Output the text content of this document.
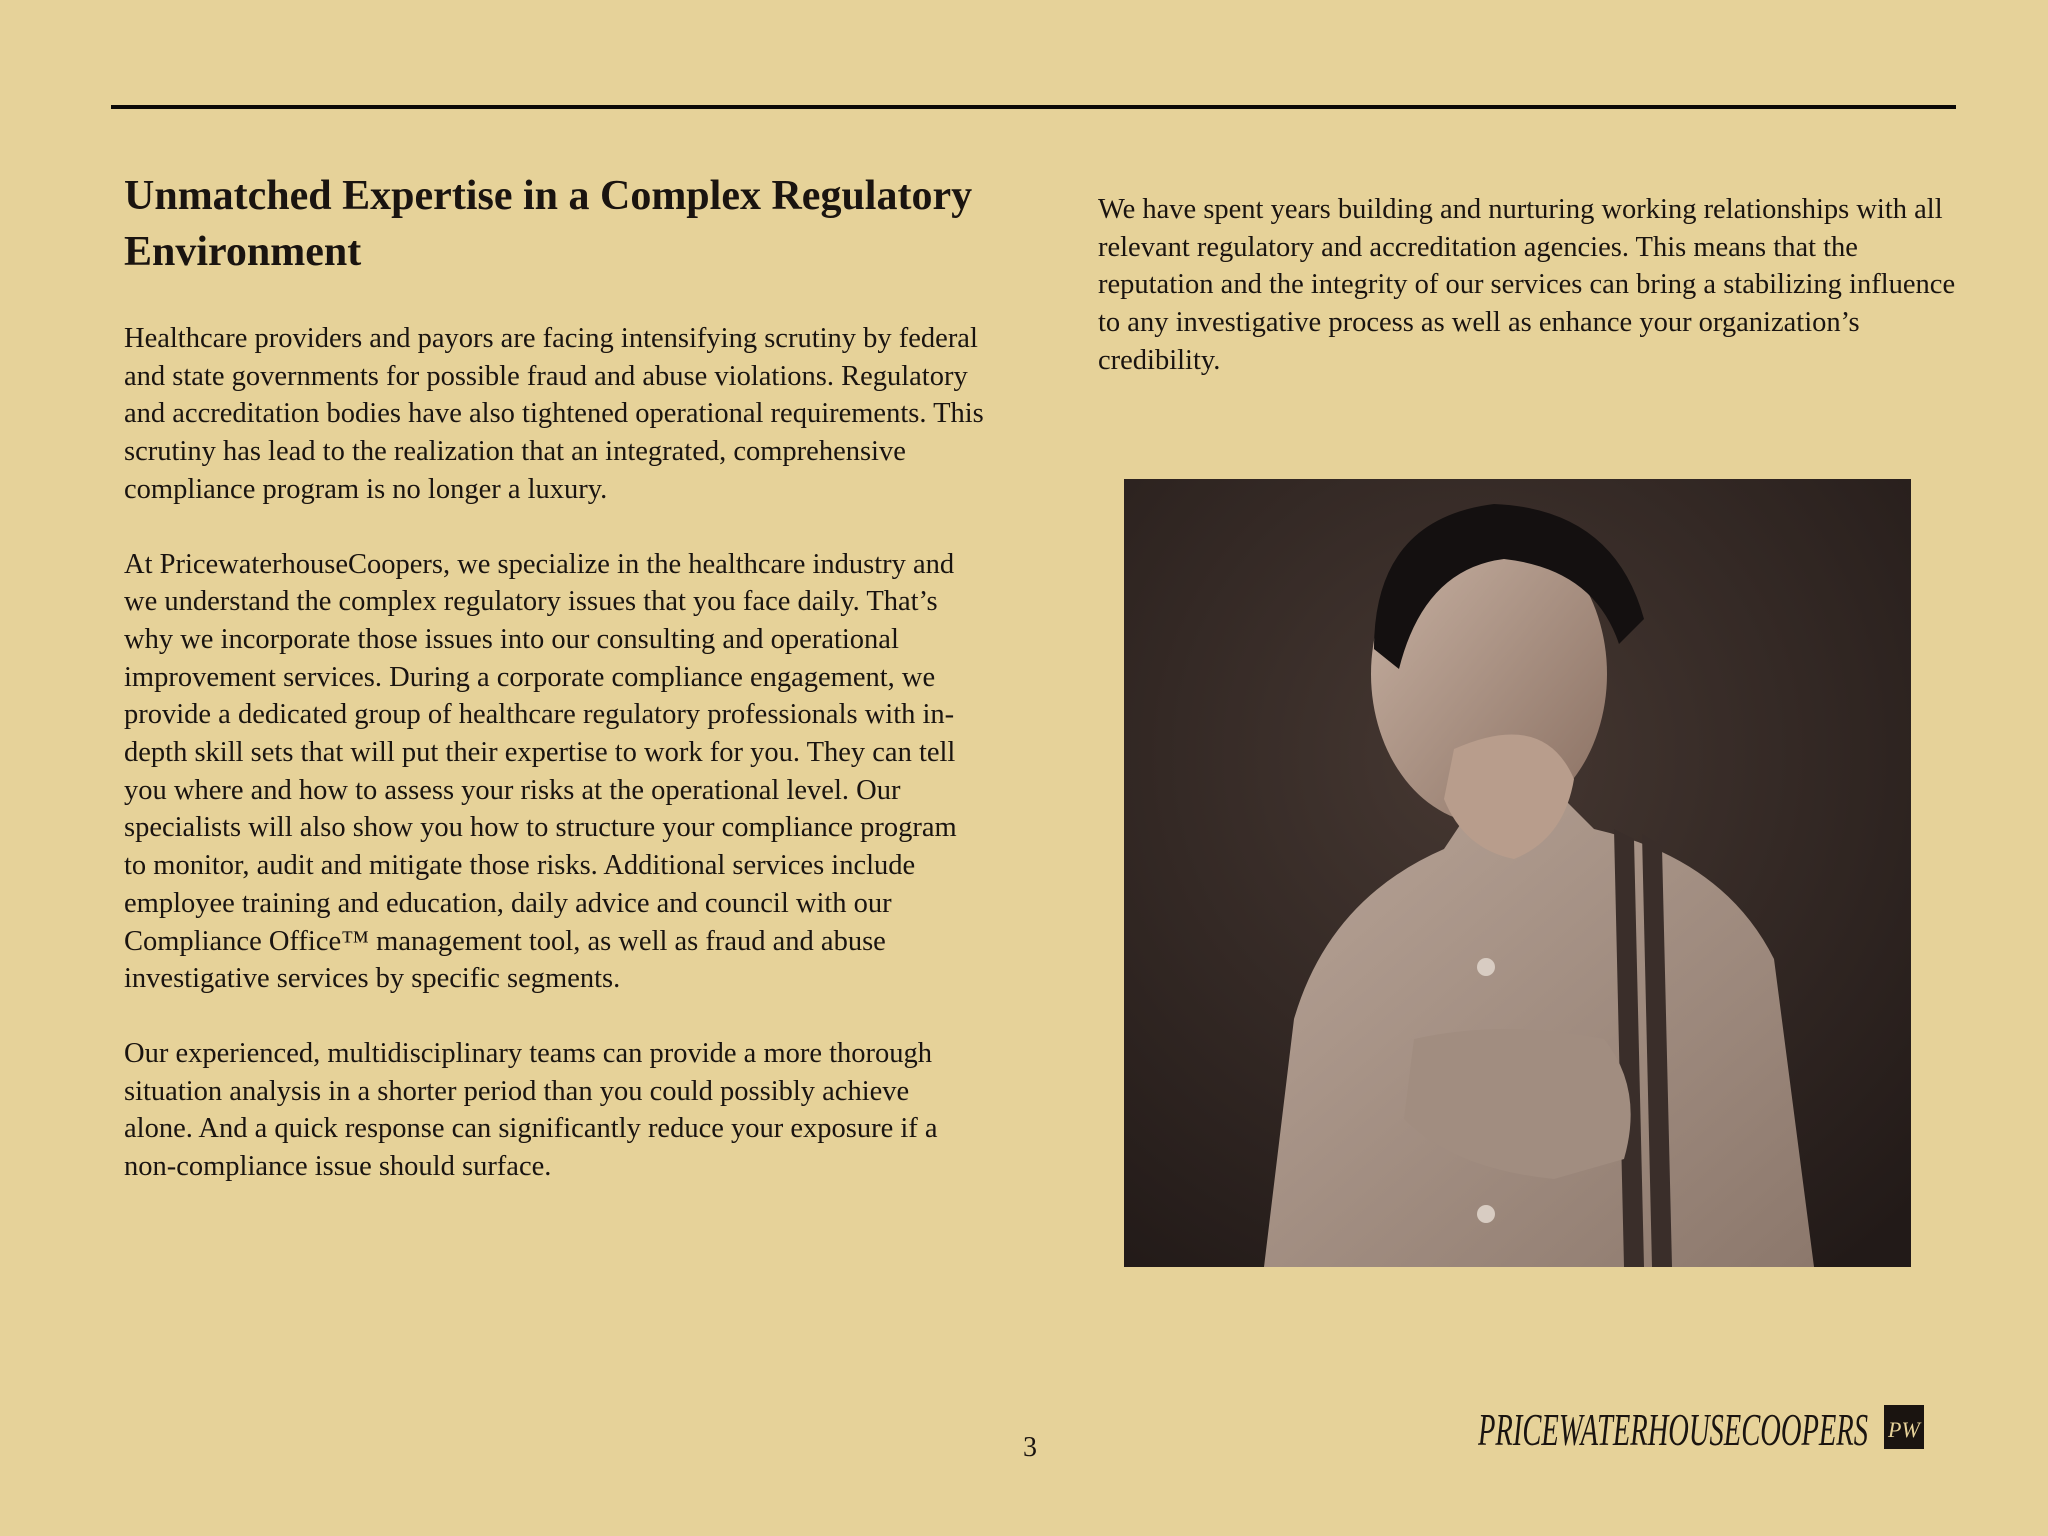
Unmatched Expertise in a Complex Regulatory Environment

Healthcare providers and payors are facing intensifying scrutiny by federal and state governments for possible fraud and abuse violations. Regulatory and accreditation bodies have also tightened operational requirements. This scrutiny has lead to the realization that an integrated, comprehensive compliance program is no longer a luxury.

At PricewaterhouseCoopers, we specialize in the healthcare industry and we understand the complex regulatory issues that you face daily. That’s why we incorporate those issues into our consulting and operational improvement services. During a corporate compliance engagement, we provide a dedicated group of healthcare regulatory professionals with in-depth skill sets that will put their expertise to work for you. They can tell you where and how to assess your risks at the operational level. Our specialists will also show you how to structure your compliance program to monitor, audit and mitigate those risks. Additional services include employee training and education, daily advice and council with our Compliance Office™ management tool, as well as fraud and abuse investigative services by specific segments.

Our experienced, multidisciplinary teams can provide a more thorough situation analysis in a shorter period than you could possibly achieve alone. And a quick response can significantly reduce your exposure if a non-compliance issue should surface.

We have spent years building and nurturing working relationships with all relevant regulatory and accreditation agencies. This means that the reputation and the integrity of our services can bring a stabilizing influence to any investigative process as well as enhance your organization’s credibility.

3	PRICEWATERHOUSECOOPERS PW
